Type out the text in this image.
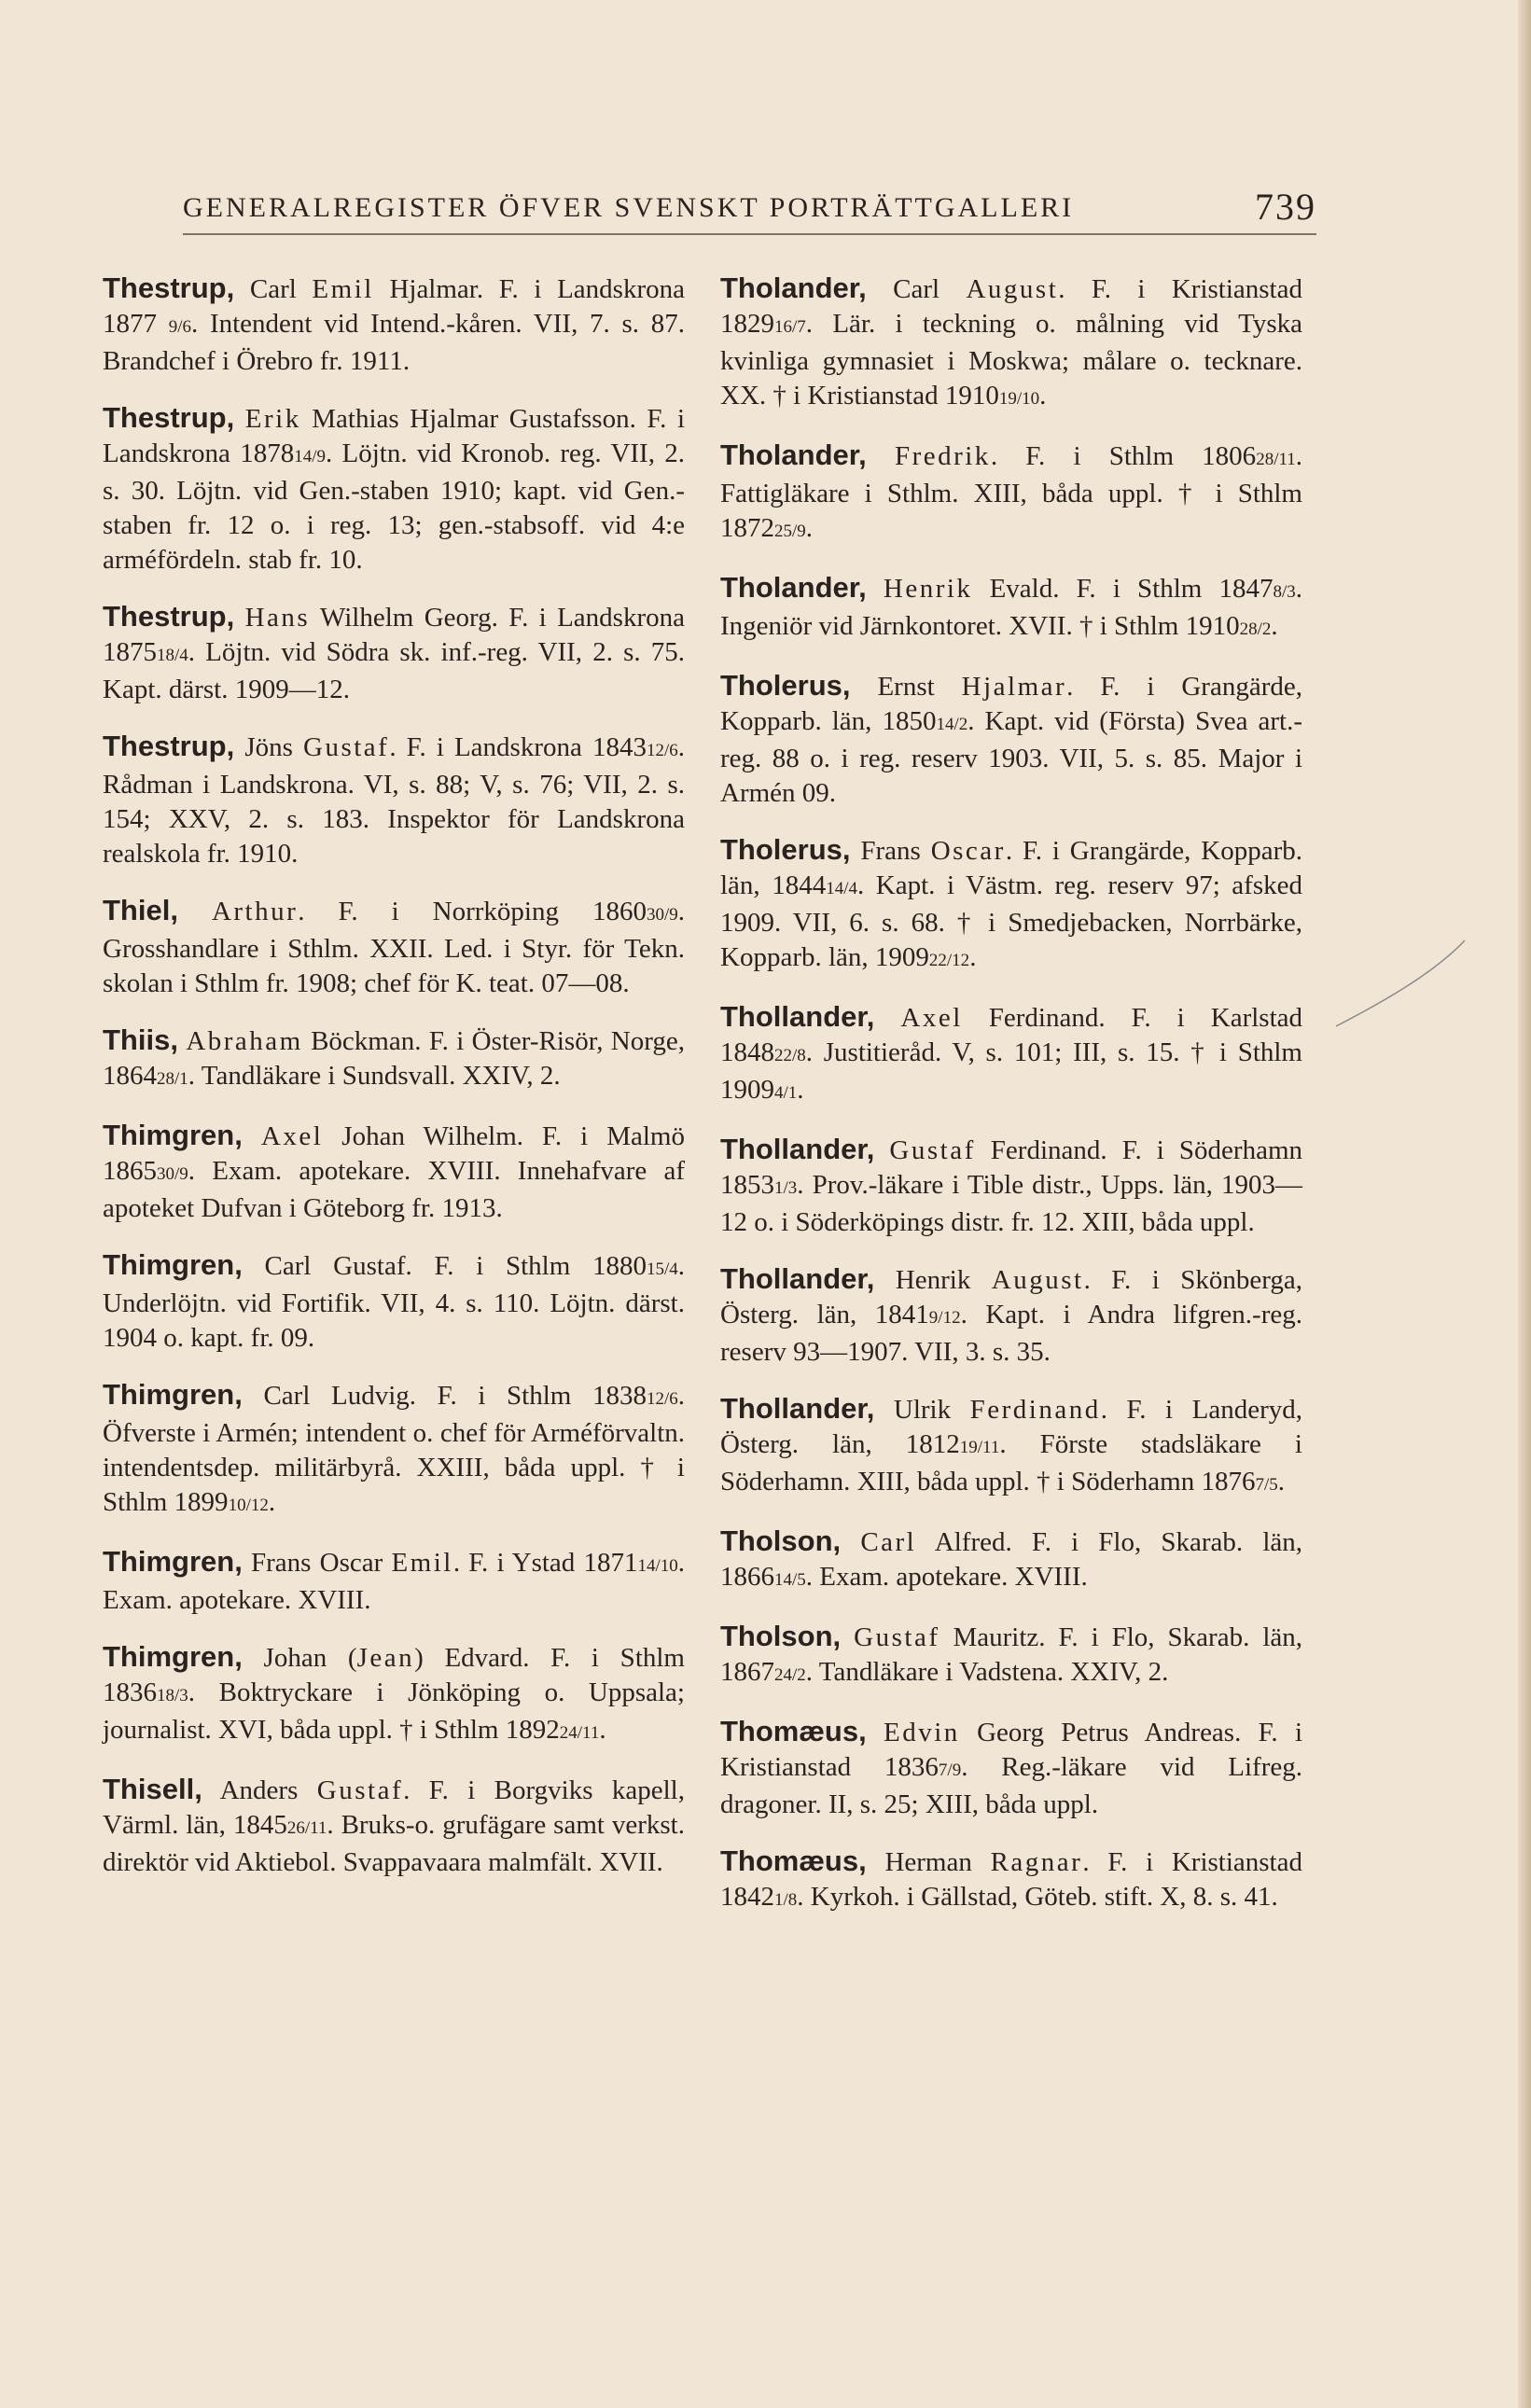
GENERALREGISTER ÖFVER SVENSKT PORTRÄTTGALLERI	739

Thestrup, Carl Emil Hjalmar. F. i Landskrona 1877 9/6. Intendent vid Intend.-kåren. VII, 7. s. 87. Brandchef i Örebro fr. 1911.

Thestrup, Erik Mathias Hjalmar Gustafsson. F. i Landskrona 187814/9. Löjtn. vid Kronob. reg. VII, 2. s. 30. Löjtn. vid Gen.-staben 1910; kapt. vid Gen.-staben fr. 12 o. i reg. 13; gen.-stabsoff. vid 4:e arméfördeln. stab fr. 10.

Thestrup, Hans Wilhelm Georg. F. i Landskrona 187518/4. Löjtn. vid Södra sk. inf.-reg. VII, 2. s. 75. Kapt. därst. 1909—12.

Thestrup, Jöns Gustaf. F. i Landskrona 184312/6. Rådman i Landskrona. VI, s. 88; V, s. 76; VII, 2. s. 154; XXV, 2. s. 183. Inspektor för Landskrona realskola fr. 1910.

Thiel, Arthur. F. i Norrköping 186030/9. Grosshandlare i Sthlm. XXII. Led. i Styr. för Tekn. skolan i Sthlm fr. 1908; chef för K. teat. 07—08.

Thiis, Abraham Böckman. F. i Öster-Risör, Norge, 186428/1. Tandläkare i Sundsvall. XXIV, 2.

Thimgren, Axel Johan Wilhelm. F. i Malmö 186530/9. Exam. apotekare. XVIII. Innehafvare af apoteket Dufvan i Göteborg fr. 1913.

Thimgren, Carl Gustaf. F. i Sthlm 188015/4. Underlöjtn. vid Fortifik. VII, 4. s. 110. Löjtn. därst. 1904 o. kapt. fr. 09.

Thimgren, Carl Ludvig. F. i Sthlm 183812/6. Öfverste i Armén; intendent o. chef för Arméförvaltn. intendentsdep. militärbyrå. XXIII, båda uppl. † i Sthlm 189910/12.

Thimgren, Frans Oscar Emil. F. i Ystad 187114/10. Exam. apotekare. XVIII.

Thimgren, Johan (Jean) Edvard. F. i Sthlm 183618/3. Boktryckare i Jönköping o. Uppsala; journalist. XVI, båda uppl. † i Sthlm 189224/11.

Thisell, Anders Gustaf. F. i Borgviks kapell, Värml. län, 184526/11. Bruks-o. grufägare samt verkst. direktör vid Aktiebol. Svappavaara malmfält. XVII.

Tholander, Carl August. F. i Kristianstad 182916/7. Lär. i teckning o. målning vid Tyska kvinliga gymnasiet i Moskwa; målare o. tecknare. XX. † i Kristianstad 191019/10.

Tholander, Fredrik. F. i Sthlm 180628/11. Fattigläkare i Sthlm. XIII, båda uppl. † i Sthlm 187225/9.

Tholander, Henrik Evald. F. i Sthlm 18478/3. Ingeniör vid Järnkontoret. XVII. † i Sthlm 191028/2.

Tholerus, Ernst Hjalmar. F. i Grangärde, Kopparb. län, 185014/2. Kapt. vid (Första) Svea art.-reg. 88 o. i reg. reserv 1903. VII, 5. s. 85. Major i Armén 09.

Tholerus, Frans Oscar. F. i Grangärde, Kopparb. län, 184414/4. Kapt. i Västm. reg. reserv 97; afsked 1909. VII, 6. s. 68. † i Smedjebacken, Norrbärke, Kopparb. län, 190922/12.

Thollander, Axel Ferdinand. F. i Karlstad 184822/8. Justitieråd. V, s. 101; III, s. 15. † i Sthlm 19094/1.

Thollander, Gustaf Ferdinand. F. i Söderhamn 18531/3. Prov.-läkare i Tible distr., Upps. län, 1903—12 o. i Söderköpings distr. fr. 12. XIII, båda uppl.

Thollander, Henrik August. F. i Skönberga, Österg. län, 18419/12. Kapt. i Andra lifgren.-reg. reserv 93—1907. VII, 3. s. 35.

Thollander, Ulrik Ferdinand. F. i Landeryd, Österg. län, 181219/11. Förste stadsläkare i Söderhamn. XIII, båda uppl. † i Söderhamn 18767/5.

Tholson, Carl Alfred. F. i Flo, Skarab. län, 186614/5. Exam. apotekare. XVIII.

Tholson, Gustaf Mauritz. F. i Flo, Skarab. län, 186724/2. Tandläkare i Vadstena. XXIV, 2.

Thomæus, Edvin Georg Petrus Andreas. F. i Kristianstad 18367/9. Reg.-läkare vid Lifreg. dragoner. II, s. 25; XIII, båda uppl.

Thomæus, Herman Ragnar. F. i Kristianstad 18421/8. Kyrkoh. i Gällstad, Göteb. stift. X, 8. s. 41.
